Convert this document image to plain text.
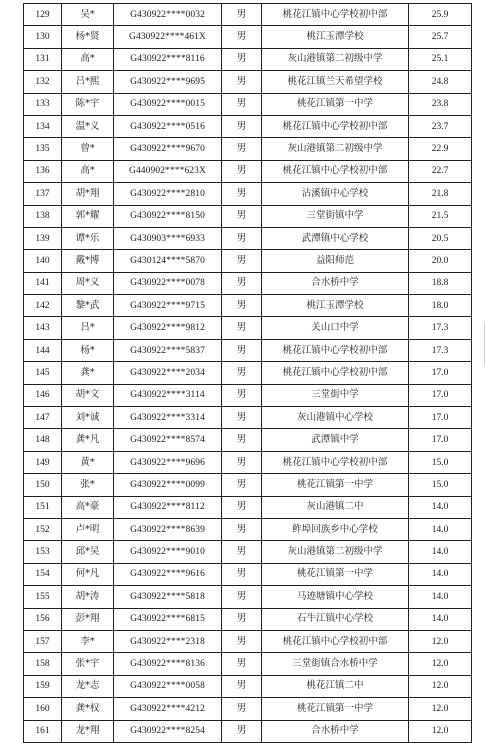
129	吴*	G430922****0032	男	桃花江镇中心学校初中部	25.9
130	杨*贤	G430922****461X	男	桃江玉潭学校	25.7
131	高*	G430922****8116	男	灰山港镇第二初级中学	25.1
132	吕*熙	G430922****9695	男	桃花江镇兰天希望学校	24.8
133	陈*宇	G430922****0015	男	桃花江镇第一中学	23.8
134	温*义	G430922****0516	男	桃花江镇中心学校初中部	23.7
135	曾*	G430922****9670	男	灰山港镇第二初级中学	22.9
136	高*	G440902****623X	男	桃花江镇中心学校初中部	22.7
137	胡*翔	G430922****2810	男	沾溪镇中心学校	21.8
138	郭*耀	G430922****8150	男	三堂街镇中学	21.5
139	谭*乐	G430903****6933	男	武潭镇中心学校	20.5
140	戴*博	G430124****5870	男	益阳师范	20.0
141	周*义	G430922****0078	男	合水桥中学	18.8
142	黎*武	G430922****9715	男	桃江玉潭学校	18.0
143	吕*	G430922****9812	男	关山口中学	17.3
144	杨*	G430922****5837	男	桃花江镇中心学校初中部	17.3
145	龚*	G430922****2034	男	桃花江镇中心学校初中部	17.0
146	胡*文	G430922****3114	男	三堂街中学	17.0
147	刘*诚	G430922****3314	男	灰山港镇中心学校	17.0
148	龚*凡	G430922****8574	男	武潭镇中学	17.0
149	黄*	G430922****9696	男	桃花江镇中心学校初中部	15.0
150	张*	G430922****0099	男	桃花江镇第一中学	15.0
151	高*豪	G430922****8112	男	灰山港镇二中	14.0
152	卢*明	G430922****8639	男	鲊埠回族乡中心学校	14.0
153	邱*吴	G430922****9010	男	灰山港镇第二初级中学	14.0
154	何*凡	G430922****9616	男	桃花江镇第一中学	14.0
155	胡*涛	G430922****5818	男	马迹塘镇中心学校	14.0
156	彭*翔	G430922****6815	男	石牛江镇中心学校	14.0
157	李*	G430922****2318	男	桃花江镇中心学校初中部	12.0
158	张*宇	G430922****8136	男	三堂街镇合水桥中学	12.0
159	龙*志	G430922****0058	男	桃花江镇二中	12.0
160	龚*权	G430922****4212	男	桃花江镇第一中学	12.0
161	龙*翔	G430922****8254	男	合水桥中学	12.0
